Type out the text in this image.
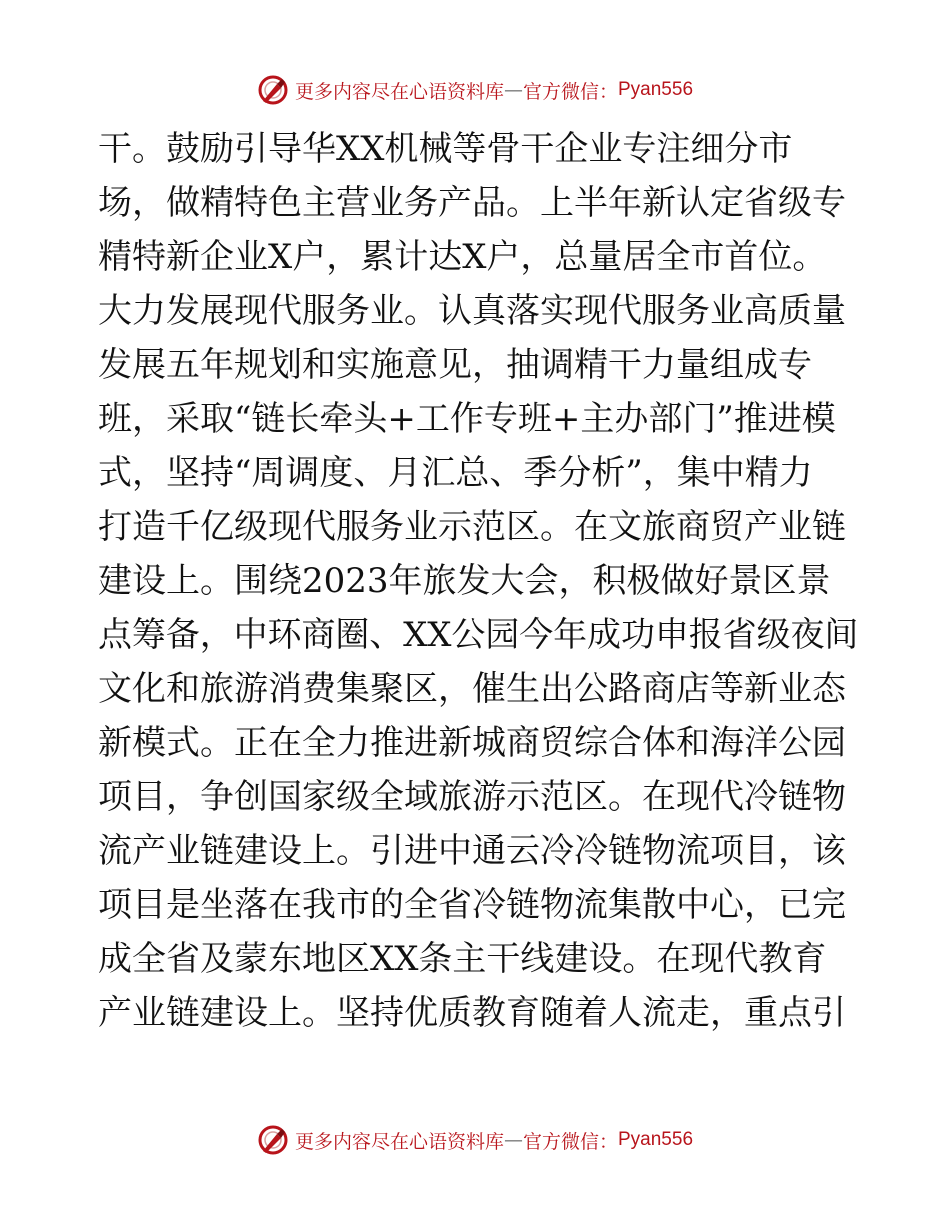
更多内容尽在心语资料库 — 官方微信： Pyan556
干。鼓励引导华XX机械等骨干企业专注细分市
场，做精特色主营业务产品。上半年新认定省级专
精特新企业X户，累计达X户，总量居全市首位。
大力发展现代服务业。认真落实现代服务业高质量
发展五年规划和实施意见，抽调精干力量组成专
班，采取“链长牵头+工作专班+主办部门”推进模
式，坚持“周调度、月汇总、季分析”，集中精力
打造千亿级现代服务业示范区。在文旅商贸产业链
建设上。围绕2023年旅发大会，积极做好景区景
点筹备，中环商圈、XX公园今年成功申报省级夜间
文化和旅游消费集聚区，催生出公路商店等新业态
新模式。正在全力推进新城商贸综合体和海洋公园
项目，争创国家级全域旅游示范区。在现代冷链物
流产业链建设上。引进中通云冷冷链物流项目，该
项目是坐落在我市的全省冷链物流集散中心，已完
成全省及蒙东地区XX条主干线建设。在现代教育
产业链建设上。坚持优质教育随着人流走，重点引
更多内容尽在心语资料库 — 官方微信： Pyan556
